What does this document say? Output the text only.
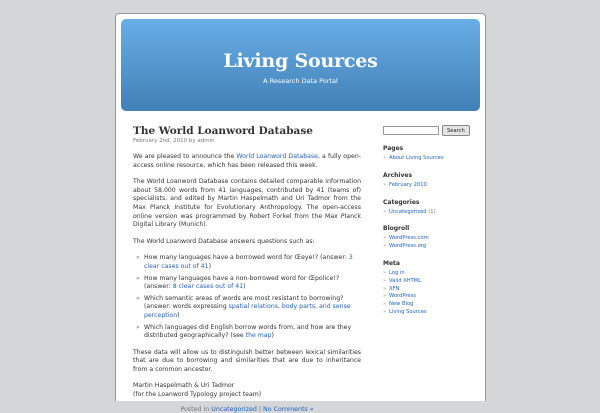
Living Sources
A Research Data Portal
The World Loanword Database
February 2nd, 2010 by admin

We are pleased to announce the World Loanword Database, a fully open-access online resource, which has been released this week.

The World Loanword Database contains detailed comparable information about 58.000 words from 41 languages, contributed by 41 (teams of) specialists, and edited by Martin Haspelmath and Uri Tadmor from the Max Planck Institute for Evolutionary Anthropology. The open-access online version was programmed by Robert Forkel from the Max Planck Digital Library (Munich).

The World Loanword Database answers questions such as:

» How many languages have a borrowed word for Œeye!? (answer: 3 clear cases out of 41)
» How many languages have a non-borrowed word for Œpolice!? (answer: 8 clear cases out of 41)
» Which semantic areas of words are most resistant to borrowing? (answer: words expressing spatial relations, body parts, and sense perception)
» Which languages did English borrow words from, and how are they distributed geographically? (see the map)

These data will allow us to distinguish better between lexical similarities that are due to borrowing and similarities that are due to inheritance from a common ancestor.

Martin Haspelmath & Uri Tadmor
(for the Loanword Typology project team)

Posted in Uncategorized | No Comments »
Search
Pages
» About Living Sources
Archives
» February 2010
Categories
» Uncategorized (1)
Blogroll
» WordPress.com
» WordPress.org
Meta
» Log in
» Valid XHTML
» XFN
» WordPress
» New Blog
» Living Sources
